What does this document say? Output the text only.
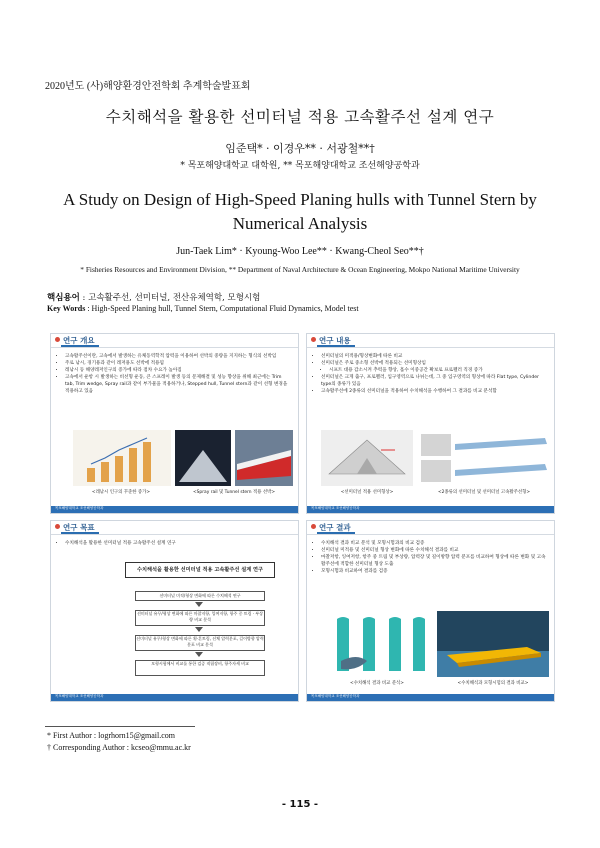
2020년도 (사)해양환경안전학회 추계학술발표회
수치해석을 활용한 선미터널 적용 고속활주선 설계 연구
임준택* · 이경우** · 서광철**†
* 목포해양대학교 대학원, ** 목포해양대학교 조선해양공학과
A Study on Design of High-Speed Planing hulls with Tunnel Stern by Numerical Analysis
Jun-Taek Lim* · Kyoung-Woo Lee** · Kwang-Cheol Seo**†
* Fisheries Resources and Environment Division, ** Department of Naval Architecture & Ocean Engineering, Mokpo National Maritime University
핵심용어 : 고속활주선, 선미터널, 전산유체역학, 모형시험
Key Words : High-Speed Planing hull, Tunnel Stern, Computational Fluid Dynamics, Model test
연구 개요
• 고속활주선이란, 고속에서 발생하는 유체동역학적 압력을 이용하여 선박의 중량을 지지하는 형식의 선박임
• 주로 낚시, 경기용과 같이 레저용도 선박에 적용됨
• 레낚시 등 해양레저인구의 증가에 따라 점차 수요가 높아짐
• 고속에서 운항 시 발생하는 비선형 운동, 큰 스프레이 발생 등의 문제해결 및 성능 향상을 위해 최근에는 Trim tab, Trim wedge, Spray rail과 같이 부가물을 적용하거나, Stepped hull, Tunnel stern과 같이 선형 변경을 적용하고 있음
<레낚시 인구의 꾸준한 증가>	<Spray rail 및 Tunnel stern 적용 선박>
목포해양대학교 조선해양공학과
연구 내용
• 선미터널의 미적용/형상변화에 따른 비교
• 선미터널은 주로 중소형 선박에 적용되는 선미형상임
• 시프트 대용 감소시켜 추력을 향상, 흘수 이중공간 확보로 프로펠러 직경 증가
• 선미터널은 크게 출구, 프로펠러, 입구영역으로 나뉘는데, 그 중 입구영역의 형상에 따라 Flat type, Cylinder type의 종류가 있음
• 고속활주선에 2종류의 선미터널을 적용하여 수치해석을 수행하여 그 결과를 비교 분석함
<선미터널 적용 선미형상>	<2종류의 선미터널 및 선미터널 고속활주선형>
목포해양대학교 조선해양공학과
연구 목표
• 수치해석을 활용한 선미터널 적용 고속활주선 설계 연구
수치해석을 활용한 선미터널 적용 고속활주선 설계 연구
선미터널 미적/형상 변화에 따른 수치해석 연구
선미터널 유무/형상 변화에 따른 마찰저항, 잉여저항, 항주 중 트림 · 부상량 비교 분석
선미터널 유무/형상 변화에 따른 횡·흔트림, 선체 압력분포, 길이방향 압력분포 비교 분석
모형시험에서 비교를 통한 검증 직립장비, 항주자세 비교
목포해양대학교 조선해양공학과
연구 결과
• 수치해석 결과 비교 분석 및 모형시험과의 비교 검증
• 선미터널 미적용 및 선미터널 형상 변화에 따른 수치해석 결과를 비교
• 마찰저항, 잉여저항, 항주 중 트림 및 부상량, 압력장 및 길이방향 압력 분포를 비교하여 형상에 따른 변화 및 고속활주선에 적합한 선미터널 형상 도출
• 모형시험과 비교하여 결과를 검증
<수치해석 결과 비교 분석>	<수치해석과 모형시험의 결과 비교>
목포해양대학교 조선해양공학과
* First Author : logrhorn15@gmail.com
† Corresponding Author : kcseo@mmu.ac.kr
- 115 -
